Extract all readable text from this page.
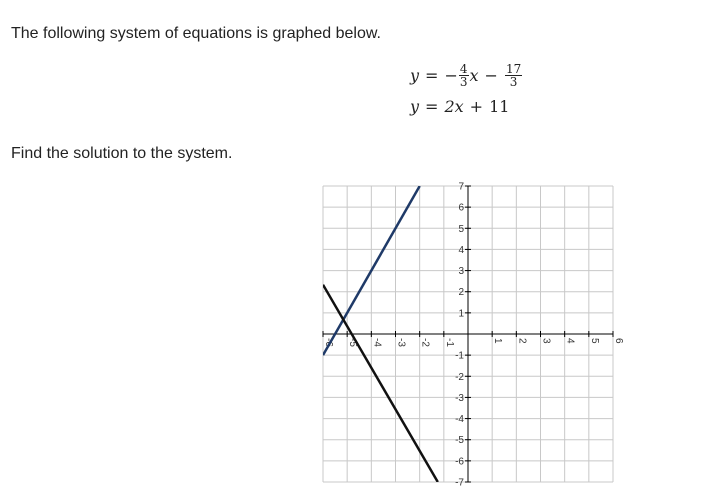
The following system of equations is graphed below.
y = − $\frac{4}{3}$ $x - \frac{17}{3}$
y = 2x + 11
Find the solution to the system.
-6 -5 -4 -3 -2 -1	1 2 3 4 5 6
7
6
5
4
3
2
1
-1
-2
-3
-4
-5
-6
-7
